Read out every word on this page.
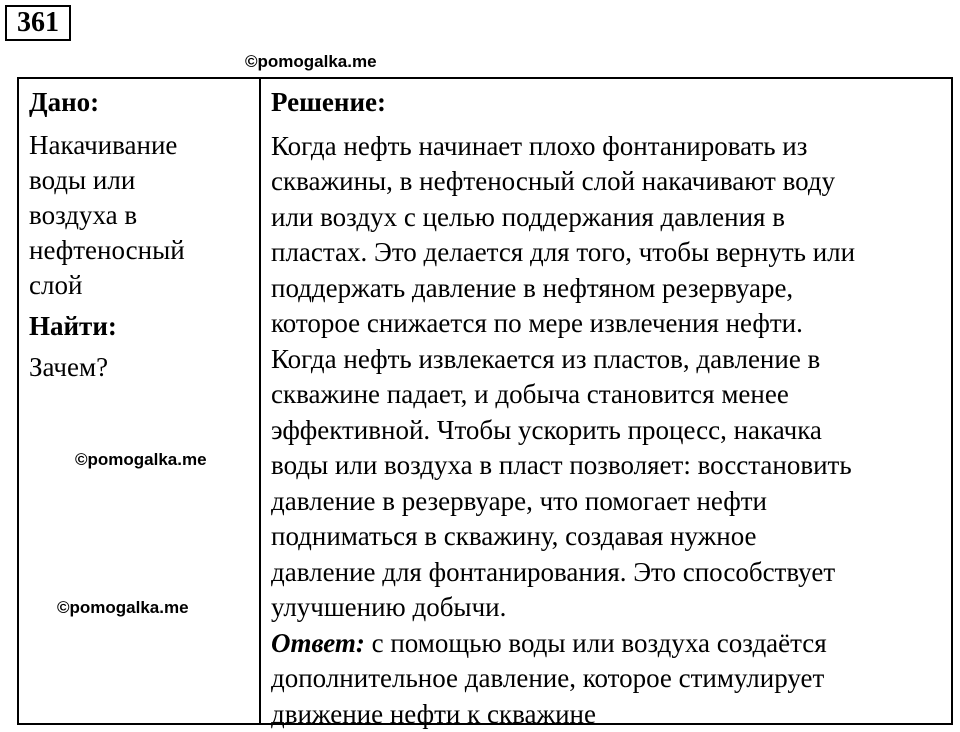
361
©pomogalka.me

Дано:

Накачивание
воды или
воздуха в
нефтеносный
слой

Найти:

Зачем?

Решение:

Когда нефть начинает плохо фонтанировать из
скважины, в нефтеносный слой накачивают воду
или воздух с целью поддержания давления в
пластах. Это делается для того, чтобы вернуть или
поддержать давление в нефтяном резервуаре,
которое снижается по мере извлечения нефти.
Когда нефть извлекается из пластов, давление в
скважине падает, и добыча становится менее
эффективной. Чтобы ускорить процесс, накачка
воды или воздуха в пласт позволяет: восстановить
давление в резервуаре, что помогает нефти
подниматься в скважину, создавая нужное
давление для фонтанирования. Это способствует
улучшению добычи.

Ответ: с помощью воды или воздуха создаётся
дополнительное давление, которое стимулирует
движение нефти к скважине

©pomogalka.me
©pomogalka.me
